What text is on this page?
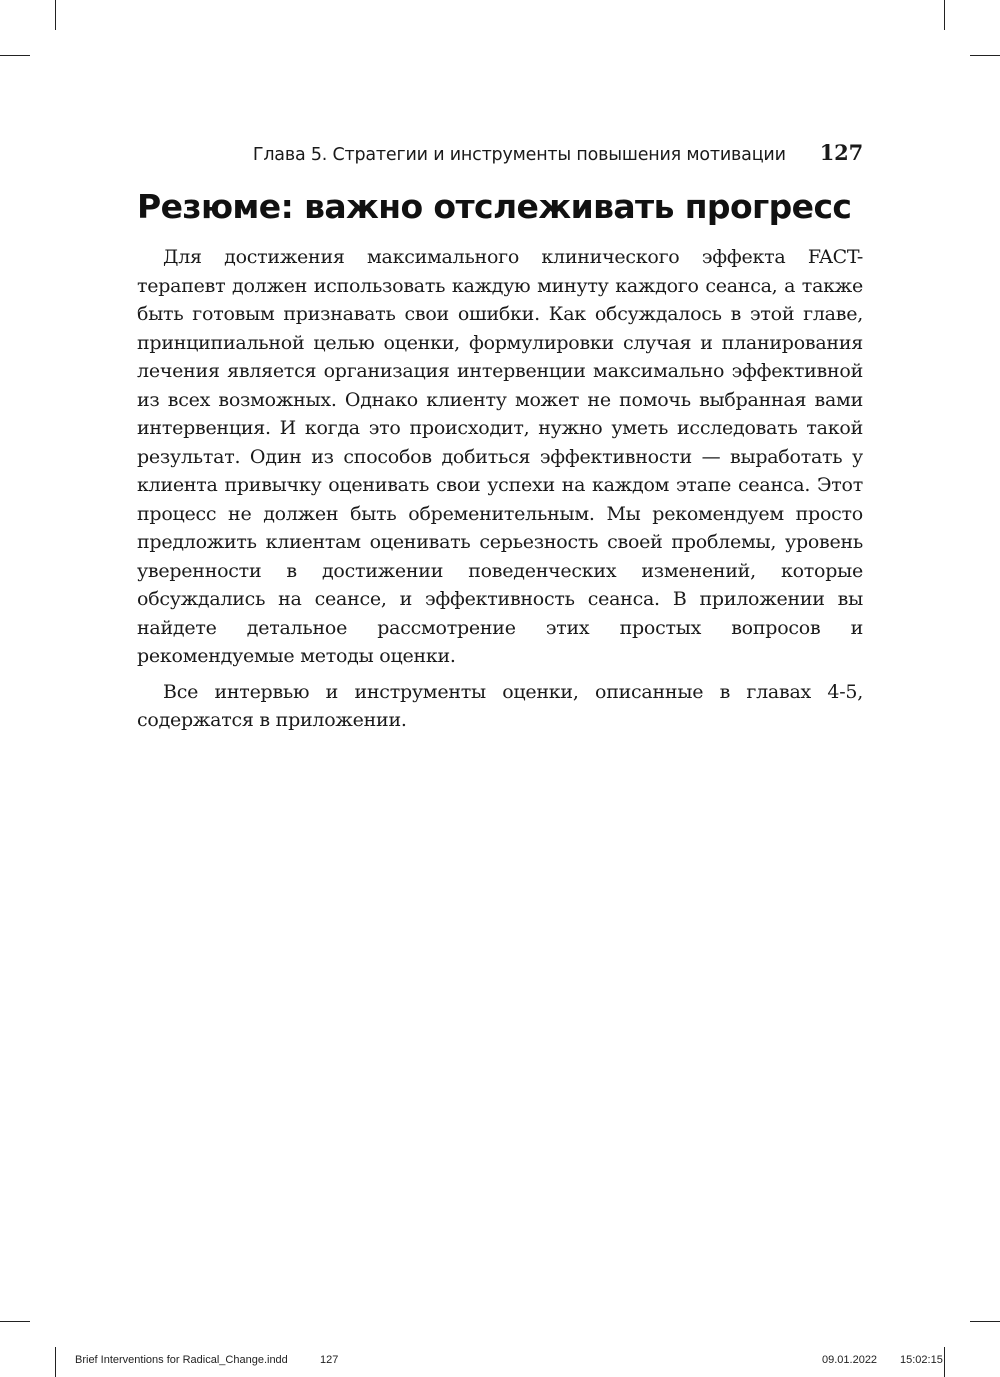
Глава 5. Стратегии и инструменты повышения мотивации 127
Резюме: важно отслеживать прогресс

Для достижения максимального клинического эффекта FACT-терапевт должен использовать каждую минуту каждого сеанса, а также быть готовым признавать свои ошибки. Как обсуждалось в этой главе, принципиальной целью оценки, формулировки случая и планирования лечения является организация интервенции максимально эффективной из всех возможных. Однако клиенту может не помочь выбранная вами интервенция. И когда это происходит, нужно уметь исследовать такой результат. Один из способов добиться эффективности — выработать у клиента привычку оценивать свои успехи на каждом этапе сеанса. Этот процесс не должен быть обременительным. Мы рекомендуем просто предложить клиентам оценивать серьезность своей проблемы, уровень уверенности в достижении поведенческих изменений, которые обсуждались на сеансе, и эффективность сеанса. В приложении вы найдете детальное рассмотрение этих простых вопросов и рекомендуемые методы оценки.

Все интервью и инструменты оценки, описанные в главах 4-5, содержатся в приложении.

Brief Interventions for Radical_Change.indd	127	09.01.2022 15:02:15
